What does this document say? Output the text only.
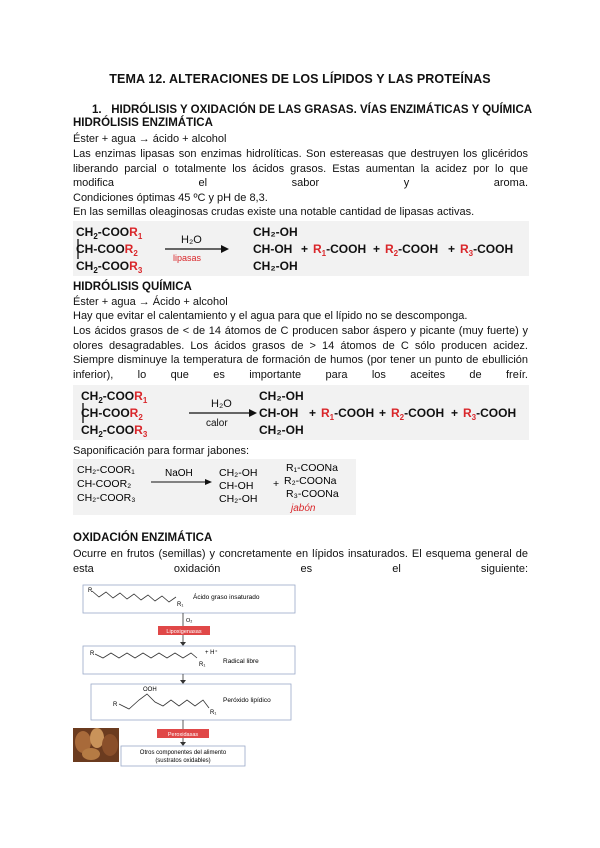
TEMA 12. ALTERACIONES DE LOS LÍPIDOS Y LAS PROTEÍNAS
1. HIDRÓLISIS Y OXIDACIÓN DE LAS GRASAS. VÍAS ENZIMÁTICAS Y QUÍMICA
HIDRÓLISIS ENZIMÁTICA
Éster + agua → ácido + alcohol
Las enzimas lipasas son enzimas hidrolíticas. Son estereasas que destruyen los glicéridos liberando parcial o totalmente los ácidos grasos. Estas aumentan la acidez por lo que modifica el sabor y aroma.
Condiciones óptimas 45 ºC y pH de 8,3.
En las semillas oleaginosas crudas existe una notable cantidad de lipasas activas.
$CH_2-COOR_1$
$CH-COOR_2$
$CH_2-COOR_3$
H₂O
lipasas
CH₂-OH
CH-OH
CH₂-OH
+ $R_1$-COOH + $R_2$-COOH + $R_3$-COOH
HIDRÓLISIS QUÍMICA
Éster + agua → Ácido + alcohol
Hay que evitar el calentamiento y el agua para que el lípido no se descomponga.
Los ácidos grasos de < de 14 átomos de C producen sabor áspero y picante (muy fuerte) y olores desagradables. Los ácidos grasos de > 14 átomos de C sólo producen acidez.
Siempre disminuye la temperatura de formación de humos (por tener un punto de ebullición inferior), lo que es importante para los aceites de freír.
$CH_2-COOR_1$
$CH-COOR_2$
$CH_2-COOR_3$
H₂O
calor
CH₂-OH
CH-OH
CH₂-OH
+ $R_1$-COOH + $R_2$-COOH + $R_3$-COOH
Saponificación para formar jabones:
CH₂-COOR₁
CH-COOR₂
CH₂-COOR₃
NaOH CH₂-OH
CH-OH
CH₂-OH
+
R₁-COONa
R₂-COONa
R₃-COONa
jabón
OXIDACIÓN ENZIMÁTICA
Ocurre en frutos (semillas) y concretamente en lípidos insaturados. El esquema general de esta oxidación es el siguiente:
R
R₁
Ácido graso insaturado
O₂
Lipoxigenasas
R
R₁
+ H⁺
Radical libre
OOH
R
R₁
Peróxido lipídico
Peroxidasas
Otros componentes del alimento
(sustratos oxidables)
